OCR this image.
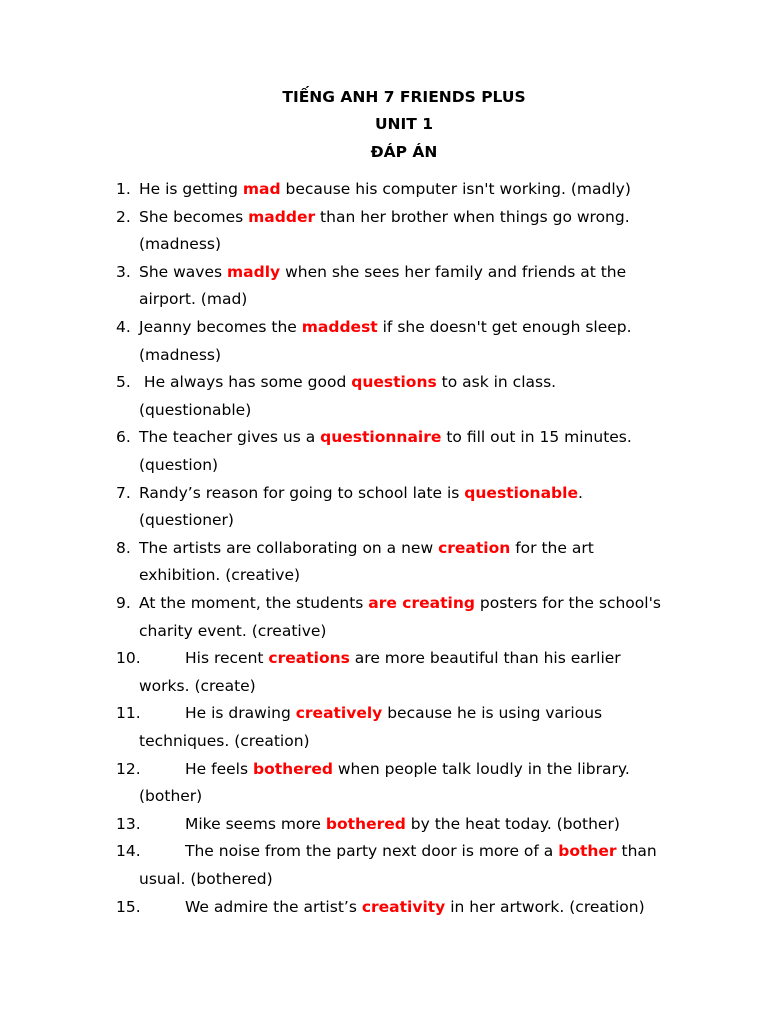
TIẾNG ANH 7 FRIENDS PLUS
UNIT 1
ĐÁP ÁN
1. He is getting mad because his computer isn't working. (madly)
2. She becomes madder than her brother when things go wrong.
(madness)
3. She waves madly when she sees her family and friends at the
airport. (mad)
4. Jeanny becomes the maddest if she doesn't get enough sleep.
(madness)
5. He always has some good questions to ask in class.
(questionable)
6. The teacher gives us a questionnaire to fill out in 15 minutes.
(question)
7. Randy’s reason for going to school late is questionable.
(questioner)
8. The artists are collaborating on a new creation for the art
exhibition. (creative)
9. At the moment, the students are creating posters for the school's
charity event. (creative)
10.	His recent creations are more beautiful than his earlier
works. (create)
11.	He is drawing creatively because he is using various
techniques. (creation)
12.	He feels bothered when people talk loudly in the library.
(bother)
13.	Mike seems more bothered by the heat today. (bother)
14.	The noise from the party next door is more of a bother than
usual. (bothered)
15.	We admire the artist’s creativity in her artwork. (creation)
